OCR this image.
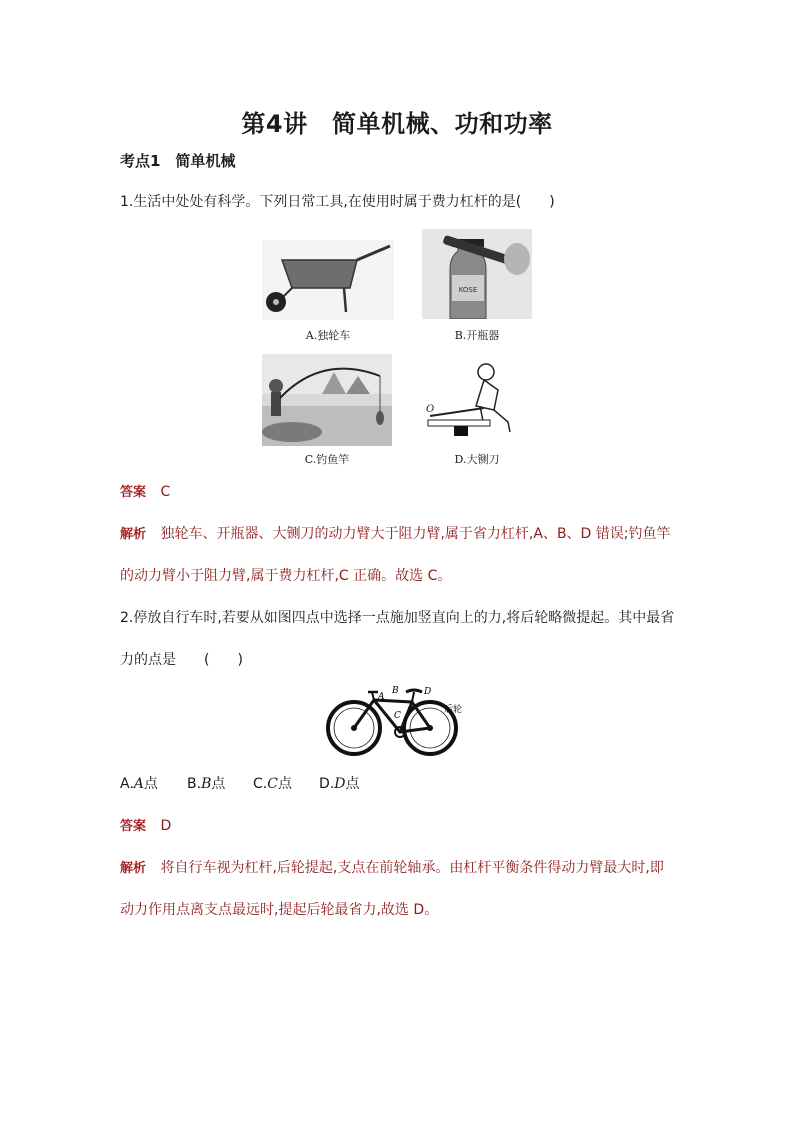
第4讲　简单机械、功和功率
考点1　简单机械
1.生活中处处有科学。下列日常工具,在使用时属于费力杠杆的是(　　)
A.独轮车
KOSE
B.开瓶器
C.钓鱼竿
O
D.大铡刀
答案 C
解析 独轮车、开瓶器、大铡刀的动力臂大于阻力臂,属于省力杠杆,A、B、D 错误;钓鱼竿
的动力臂小于阻力臂,属于费力杠杆,C 正确。故选 C。
2.停放自行车时,若要从如图四点中选择一点施加竖直向上的力,将后轮略微提起。其中最省
力的点是　　(　　)
A
B
C
D
后轮
A.A点 B.B点 C.C点 D.D点
答案 D
解析 将自行车视为杠杆,后轮提起,支点在前轮轴承。由杠杆平衡条件得动力臂最大时,即
动力作用点离支点最远时,提起后轮最省力,故选 D。
